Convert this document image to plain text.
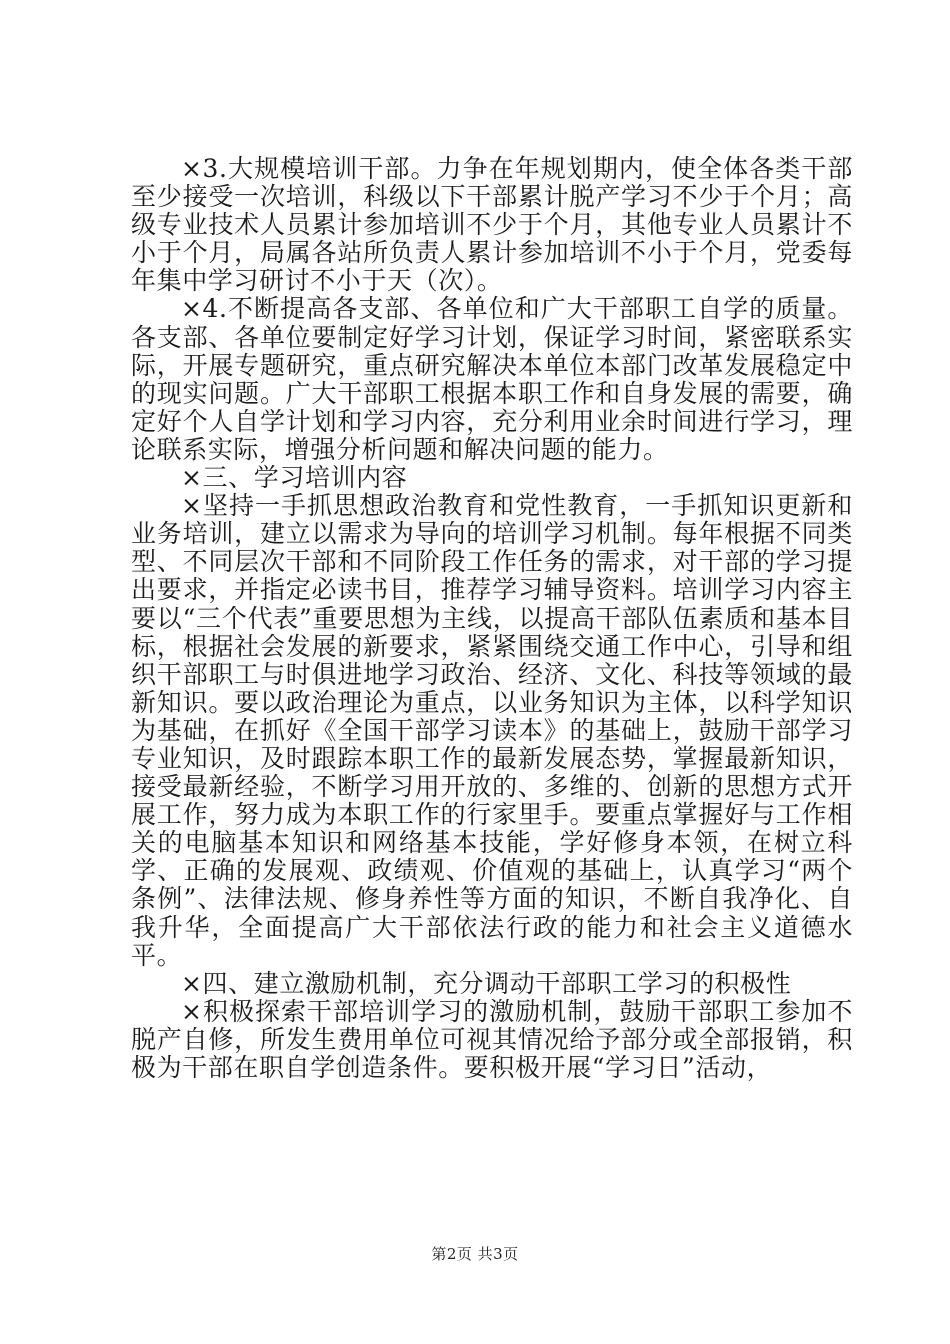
×3.大规模培训干部。力争在年规划期内，使全体各类干部至少接受一次培训，科级以下干部累计脱产学习不少于个月；高级专业技术人员累计参加培训不少于个月，其他专业人员累计不小于个月，局属各站所负责人累计参加培训不小于个月，党委每年集中学习研讨不小于天（次）。

×4.不断提高各支部、各单位和广大干部职工自学的质量。各支部、各单位要制定好学习计划，保证学习时间，紧密联系实际，开展专题研究，重点研究解决本单位本部门改革发展稳定中的现实问题。广大干部职工根据本职工作和自身发展的需要，确定好个人自学计划和学习内容，充分利用业余时间进行学习，理论联系实际，增强分析问题和解决问题的能力。

×三、学习培训内容

×坚持一手抓思想政治教育和党性教育，一手抓知识更新和业务培训，建立以需求为导向的培训学习机制。每年根据不同类型、不同层次干部和不同阶段工作任务的需求，对干部的学习提出要求，并指定必读书目，推荐学习辅导资料。培训学习内容主要以“三个代表”重要思想为主线，以提高干部队伍素质和基本目标，根据社会发展的新要求，紧紧围绕交通工作中心，引导和组织干部职工与时俱进地学习政治、经济、文化、科技等领域的最新知识。要以政治理论为重点，以业务知识为主体，以科学知识为基础，在抓好《全国干部学习读本》的基础上，鼓励干部学习专业知识，及时跟踪本职工作的最新发展态势，掌握最新知识，接受最新经验，不断学习用开放的、多维的、创新的思想方式开展工作，努力成为本职工作的行家里手。要重点掌握好与工作相关的电脑基本知识和网络基本技能，学好修身本领，在树立科学、正确的发展观、政绩观、价值观的基础上，认真学习“两个条例”、法律法规、修身养性等方面的知识，不断自我净化、自我升华，全面提高广大干部依法行政的能力和社会主义道德水平。

×四、建立激励机制，充分调动干部职工学习的积极性

×积极探索干部培训学习的激励机制，鼓励干部职工参加不脱产自修，所发生费用单位可视其情况给予部分或全部报销，积极为干部在职自学创造条件。要积极开展“学习日”活动，

第2页 共3页
